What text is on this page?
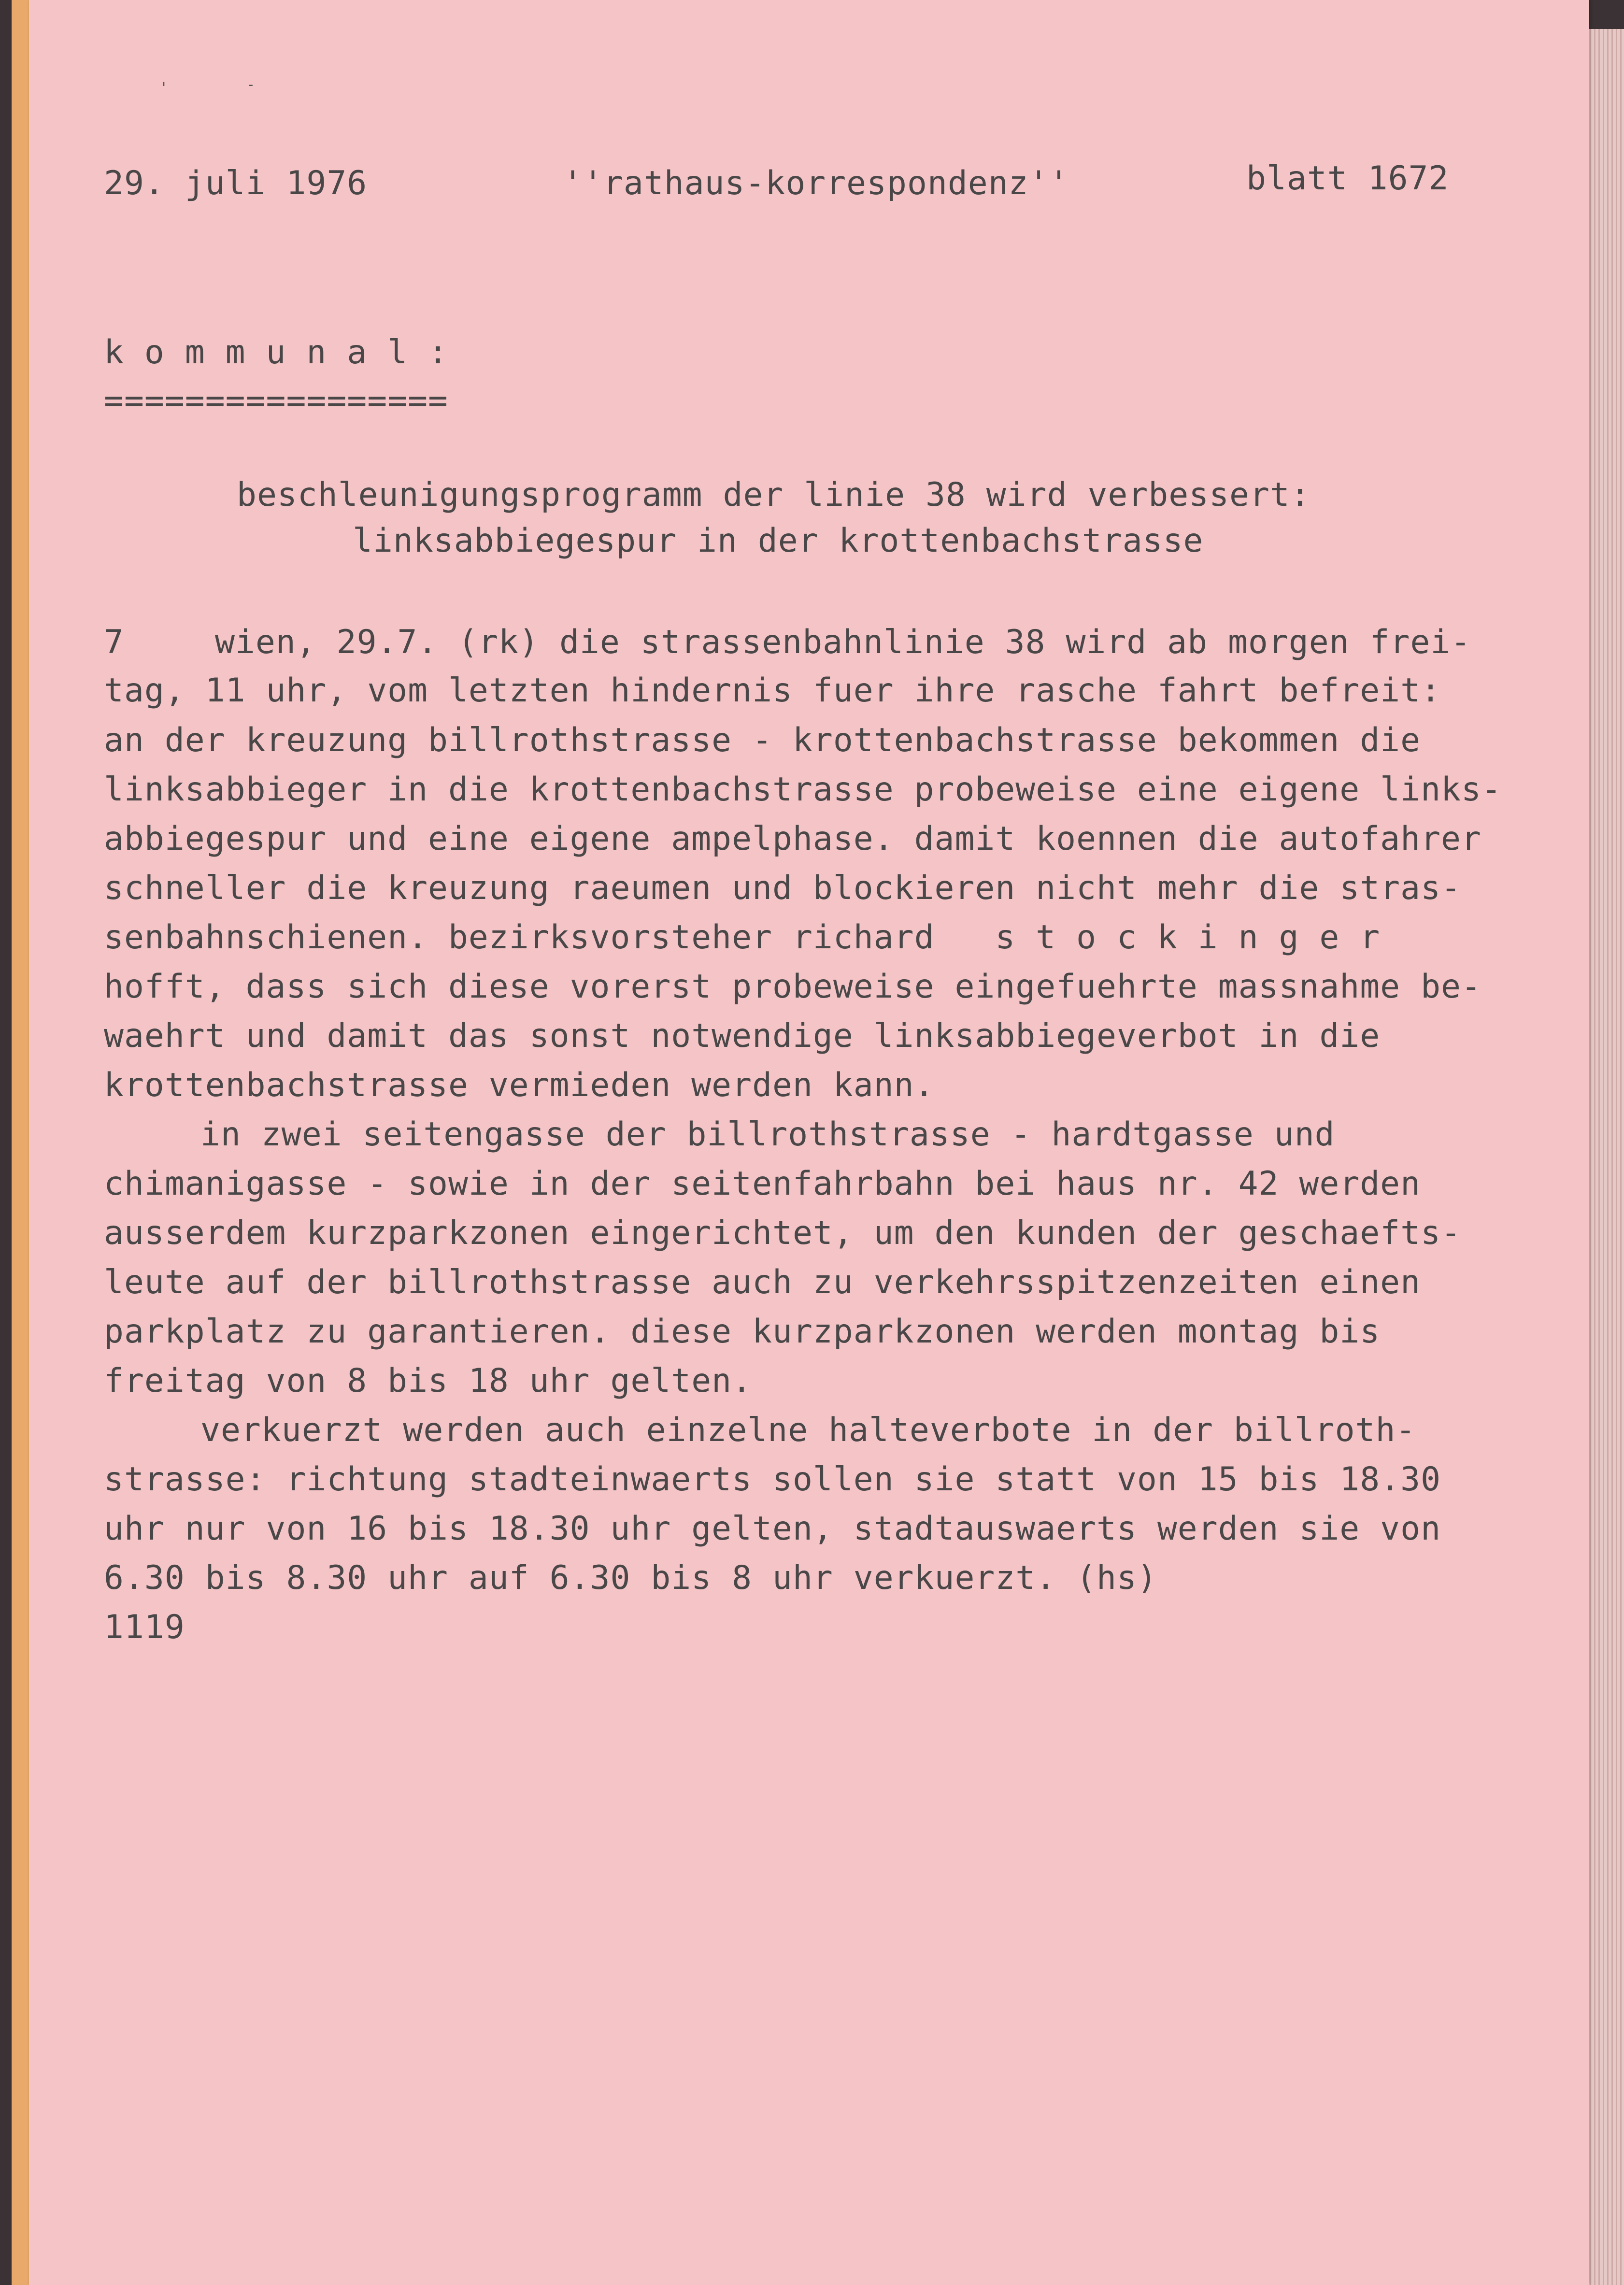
'	-

29. juli 1976	''rathaus-korrespondenz''	blatt 1672

k o m m u n a l :

=================

beschleunigungsprogramm der linie 38 wird verbessert:

linksabbiegespur in der krottenbachstrasse

7	wien, 29.7. (rk) die strassenbahnlinie 38 wird ab morgen frei-

tag, 11 uhr, vom letzten hindernis fuer ihre rasche fahrt befreit:

an der kreuzung billrothstrasse - krottenbachstrasse bekommen die

linksabbieger in die krottenbachstrasse probeweise eine eigene links-

abbiegespur und eine eigene ampelphase. damit koennen die autofahrer

schneller die kreuzung raeumen und blockieren nicht mehr die stras-

senbahnschienen. bezirksvorsteher richard   s t o c k i n g e r

hofft, dass sich diese vorerst probeweise eingefuehrte massnahme be-

waehrt und damit das sonst notwendige linksabbiegeverbot in die

krottenbachstrasse vermieden werden kann.

in zwei seitengasse der billrothstrasse - hardtgasse und

chimanigasse - sowie in der seitenfahrbahn bei haus nr. 42 werden

ausserdem kurzparkzonen eingerichtet, um den kunden der geschaefts-

leute auf der billrothstrasse auch zu verkehrsspitzenzeiten einen

parkplatz zu garantieren. diese kurzparkzonen werden montag bis

freitag von 8 bis 18 uhr gelten.

verkuerzt werden auch einzelne halteverbote in der billroth-

strasse: richtung stadteinwaerts sollen sie statt von 15 bis 18.30

uhr nur von 16 bis 18.30 uhr gelten, stadtauswaerts werden sie von

6.30 bis 8.30 uhr auf 6.30 bis 8 uhr verkuerzt. (hs)

1119
